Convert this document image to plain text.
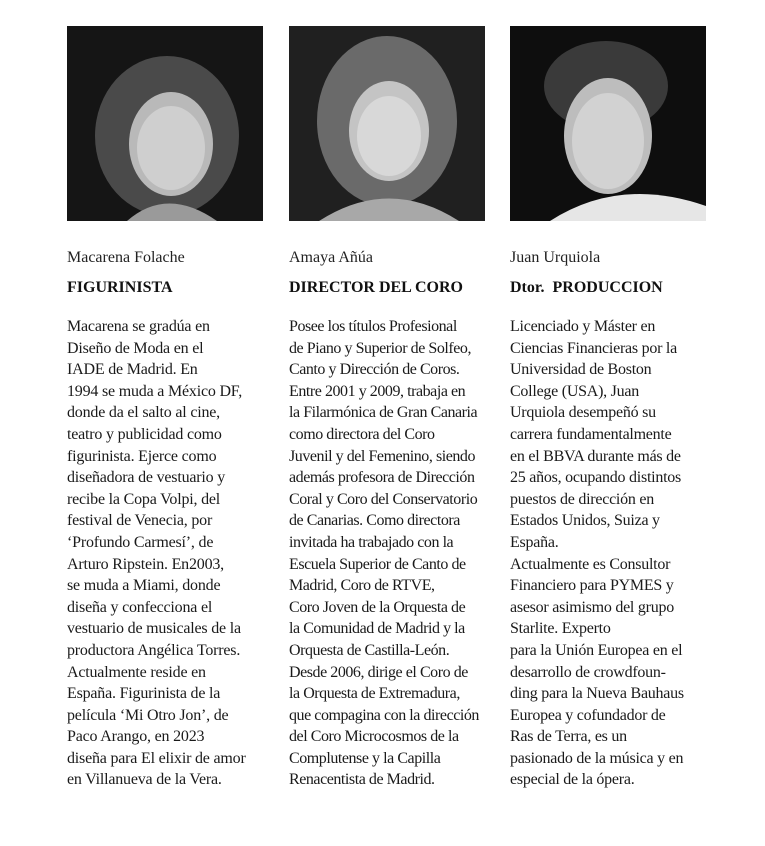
Macarena Folache
FIGURINISTA
Macarena se gradúa en
Diseño de Moda en el
IADE de Madrid. En
1994 se muda a México DF,
donde da el salto al cine,
teatro y publicidad como
figurinista. Ejerce como
diseñadora de vestuario y
recibe la Copa Volpi, del
festival de Venecia, por
‘Profundo Carmesí’, de
Arturo Ripstein. En2003,
se muda a Miami, donde
diseña y confecciona el
vestuario de musicales de la
productora Angélica Torres.
Actualmente reside en
España. Figurinista de la
película ‘Mi Otro Jon’, de
Paco Arango, en 2023
diseña para El elixir de amor
en Villanueva de la Vera.
Amaya Añúa
DIRECTOR DEL CORO
Posee los títulos Profesional
de Piano y Superior de Solfeo,
Canto y Dirección de Coros.
Entre 2001 y 2009, trabaja en
la Filarmónica de Gran Canaria
como directora del Coro
Juvenil y del Femenino, siendo
además profesora de Dirección
Coral y Coro del Conservatorio
de Canarias. Como directora
invitada ha trabajado con la
Escuela Superior de Canto de
Madrid, Coro de RTVE,
Coro Joven de la Orquesta de
la Comunidad de Madrid y la
Orquesta de Castilla-León.
Desde 2006, dirige el Coro de
la Orquesta de Extremadura,
que compagina con la dirección
del Coro Microcosmos de la
Complutense y la Capilla
Renacentista de Madrid.
Juan Urquiola
Dtor.  PRODUCCION
Licenciado y Máster en
Ciencias Financieras por la
Universidad de Boston
College (USA), Juan
Urquiola desempeñó su
carrera fundamentalmente
en el BBVA durante más de
25 años, ocupando distintos
puestos de dirección en
Estados Unidos, Suiza y
España.
Actualmente es Consultor
Financiero para PYMES y
asesor asimismo del grupo
Starlite. Experto
para la Unión Europea en el
desarrollo de crowdfoun-
ding para la Nueva Bauhaus
Europea y cofundador de
Ras de Terra, es un
pasionado de la música y en
especial de la ópera.
